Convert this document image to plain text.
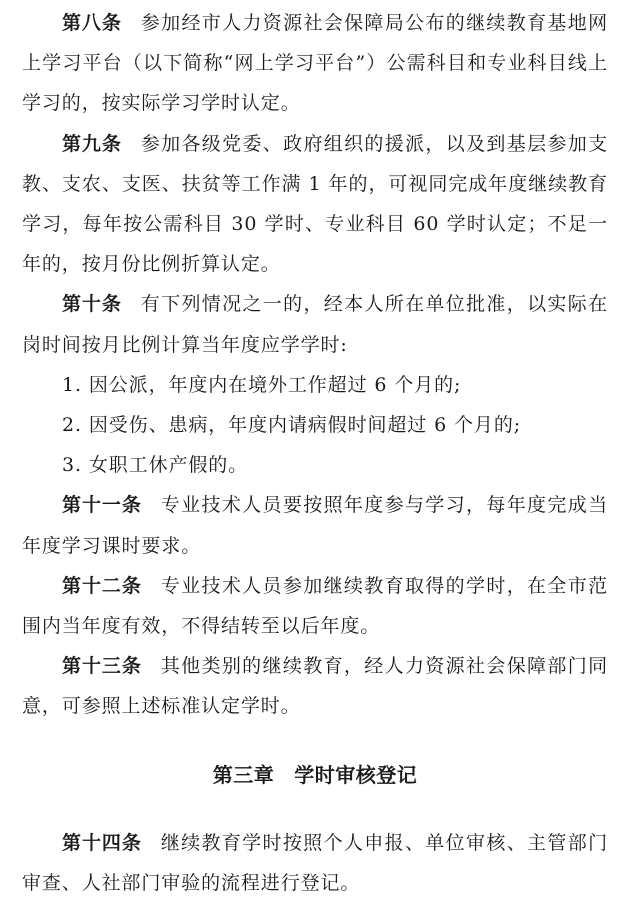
第八条 参加经市人力资源社会保障局公布的继续教育基地网上学习平台（以下简称“网上学习平台”）公需科目和专业科目线上学习的，按实际学习学时认定。
第九条 参加各级党委、政府组织的援派，以及到基层参加支教、支农、支医、扶贫等工作满 1 年的，可视同完成年度继续教育学习，每年按公需科目 30 学时、专业科目 60 学时认定；不足一年的，按月份比例折算认定。
第十条 有下列情况之一的，经本人所在单位批准，以实际在岗时间按月比例计算当年度应学学时:
1. 因公派，年度内在境外工作超过 6 个月的;
2. 因受伤、患病，年度内请病假时间超过 6 个月的;
3. 女职工休产假的。
第十一条 专业技术人员要按照年度参与学习，每年度完成当年度学习课时要求。
第十二条 专业技术人员参加继续教育取得的学时，在全市范围内当年度有效，不得结转至以后年度。
第十三条 其他类别的继续教育，经人力资源社会保障部门同意，可参照上述标准认定学时。
第三章 学时审核登记
第十四条 继续教育学时按照个人申报、单位审核、主管部门审查、人社部门审验的流程进行登记。
